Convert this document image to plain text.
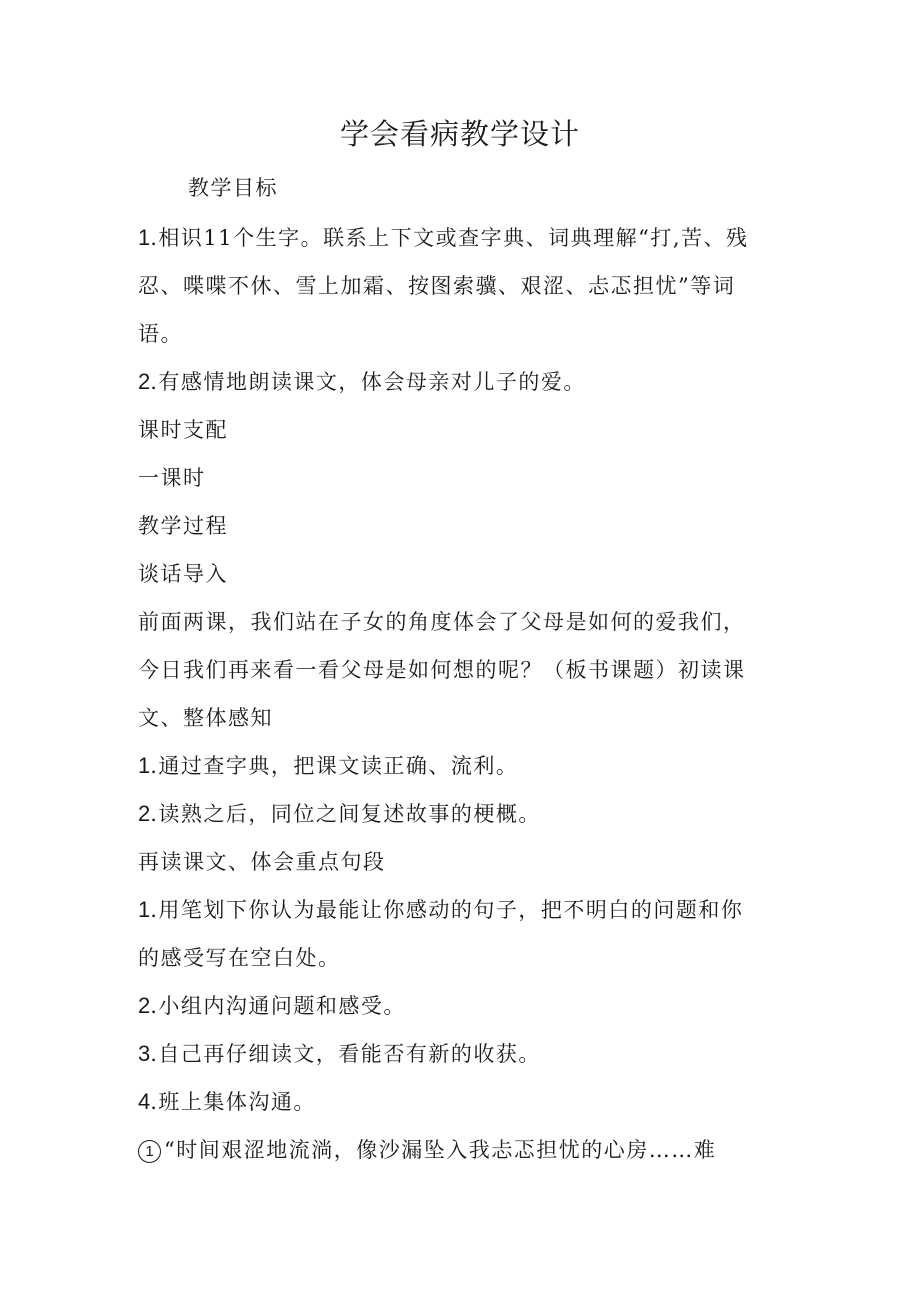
学会看病教学设计
教学目标
1.相识11个生字。联系上下文或查字典、词典理解“打,苦、残
忍、喋喋不休、雪上加霜、按图索骥、艰涩、忐忑担忧”等词
语。
2.有感情地朗读课文，体会母亲对儿子的爱。
课时支配
一课时
教学过程
谈话导入
前面两课，我们站在子女的角度体会了父母是如何的爱我们，
今日我们再来看一看父母是如何想的呢？（板书课题）初读课
文、整体感知
1.通过查字典，把课文读正确、流利。
2.读熟之后，同位之间复述故事的梗概。
再读课文、体会重点句段
1.用笔划下你认为最能让你感动的句子，把不明白的问题和你
的感受写在空白处。
2.小组内沟通问题和感受。
3.自己再仔细读文，看能否有新的收获。
4.班上集体沟通。
1 “时间艰涩地流淌，像沙漏坠入我忐忑担忧的心房……难
